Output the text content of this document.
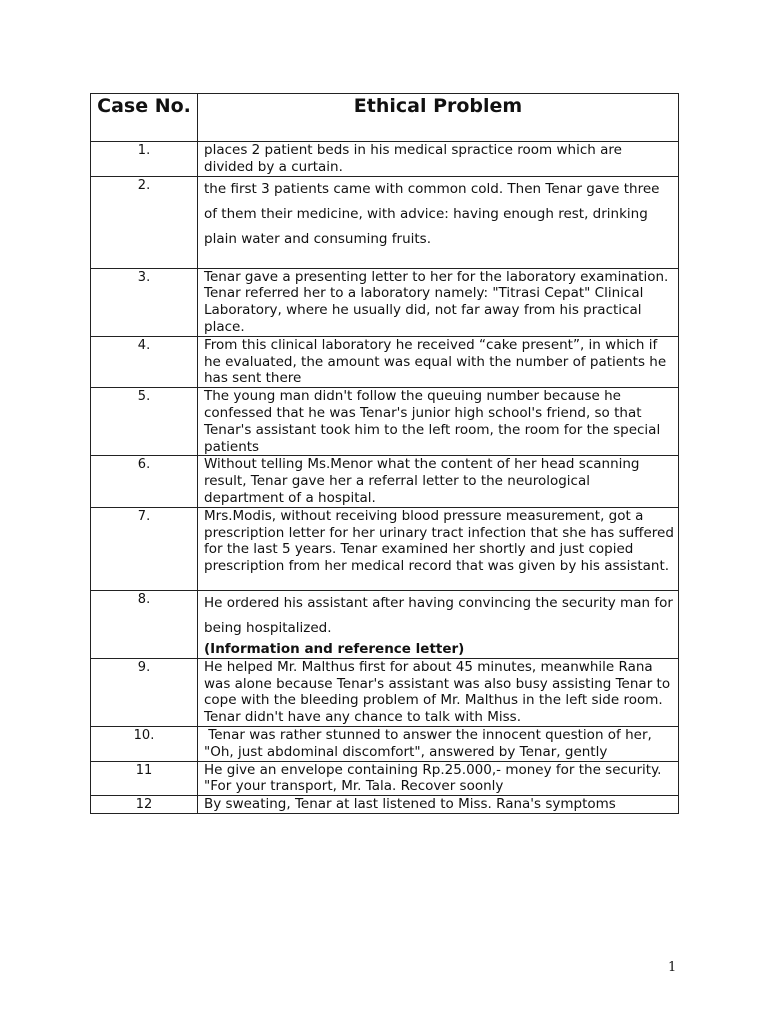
Case No.	Ethical Problem
1.	places 2 patient beds in his medical spractice room which are divided by a curtain.
2.	the first 3 patients came with common cold. Then Tenar gave three of them their medicine, with advice: having enough rest, drinking plain water and consuming fruits.
3.	Tenar gave a presenting letter to her for the laboratory examination. Tenar referred her to a laboratory namely: "Titrasi Cepat" Clinical Laboratory, where he usually did, not far away from his practical place.
4.	From this clinical laboratory he received “cake present”, in which if he evaluated, the amount was equal with the number of patients he has sent there
5.	The young man didn't follow the queuing number because he confessed that he was Tenar's junior high school's friend, so that Tenar's assistant took him to the left room, the room for the special patients
6.	Without telling Ms.Menor what the content of her head scanning result, Tenar gave her a referral letter to the neurological department of a hospital.
7.	Mrs.Modis, without receiving blood pressure measurement, got a prescription letter for her urinary tract infection that she has suffered for the last 5 years. Tenar examined her shortly and just copied prescription from her medical record that was given by his assistant.
8.	He ordered his assistant after having convincing the security man for being hospitalized.
(Information and reference letter)

9.	He helped Mr. Malthus first for about 45 minutes, meanwhile Rana was alone because Tenar's assistant was also busy assisting Tenar to cope with the bleeding problem of Mr. Malthus in the left side room. Tenar didn't have any chance to talk with Miss.
10.	Tenar was rather stunned to answer the innocent question of her, "Oh, just abdominal discomfort", answered by Tenar, gently
11	He give an envelope containing Rp.25.000,- money for the security. "For your transport, Mr. Tala. Recover soonly
12	By sweating, Tenar at last listened to Miss. Rana's symptoms
1
